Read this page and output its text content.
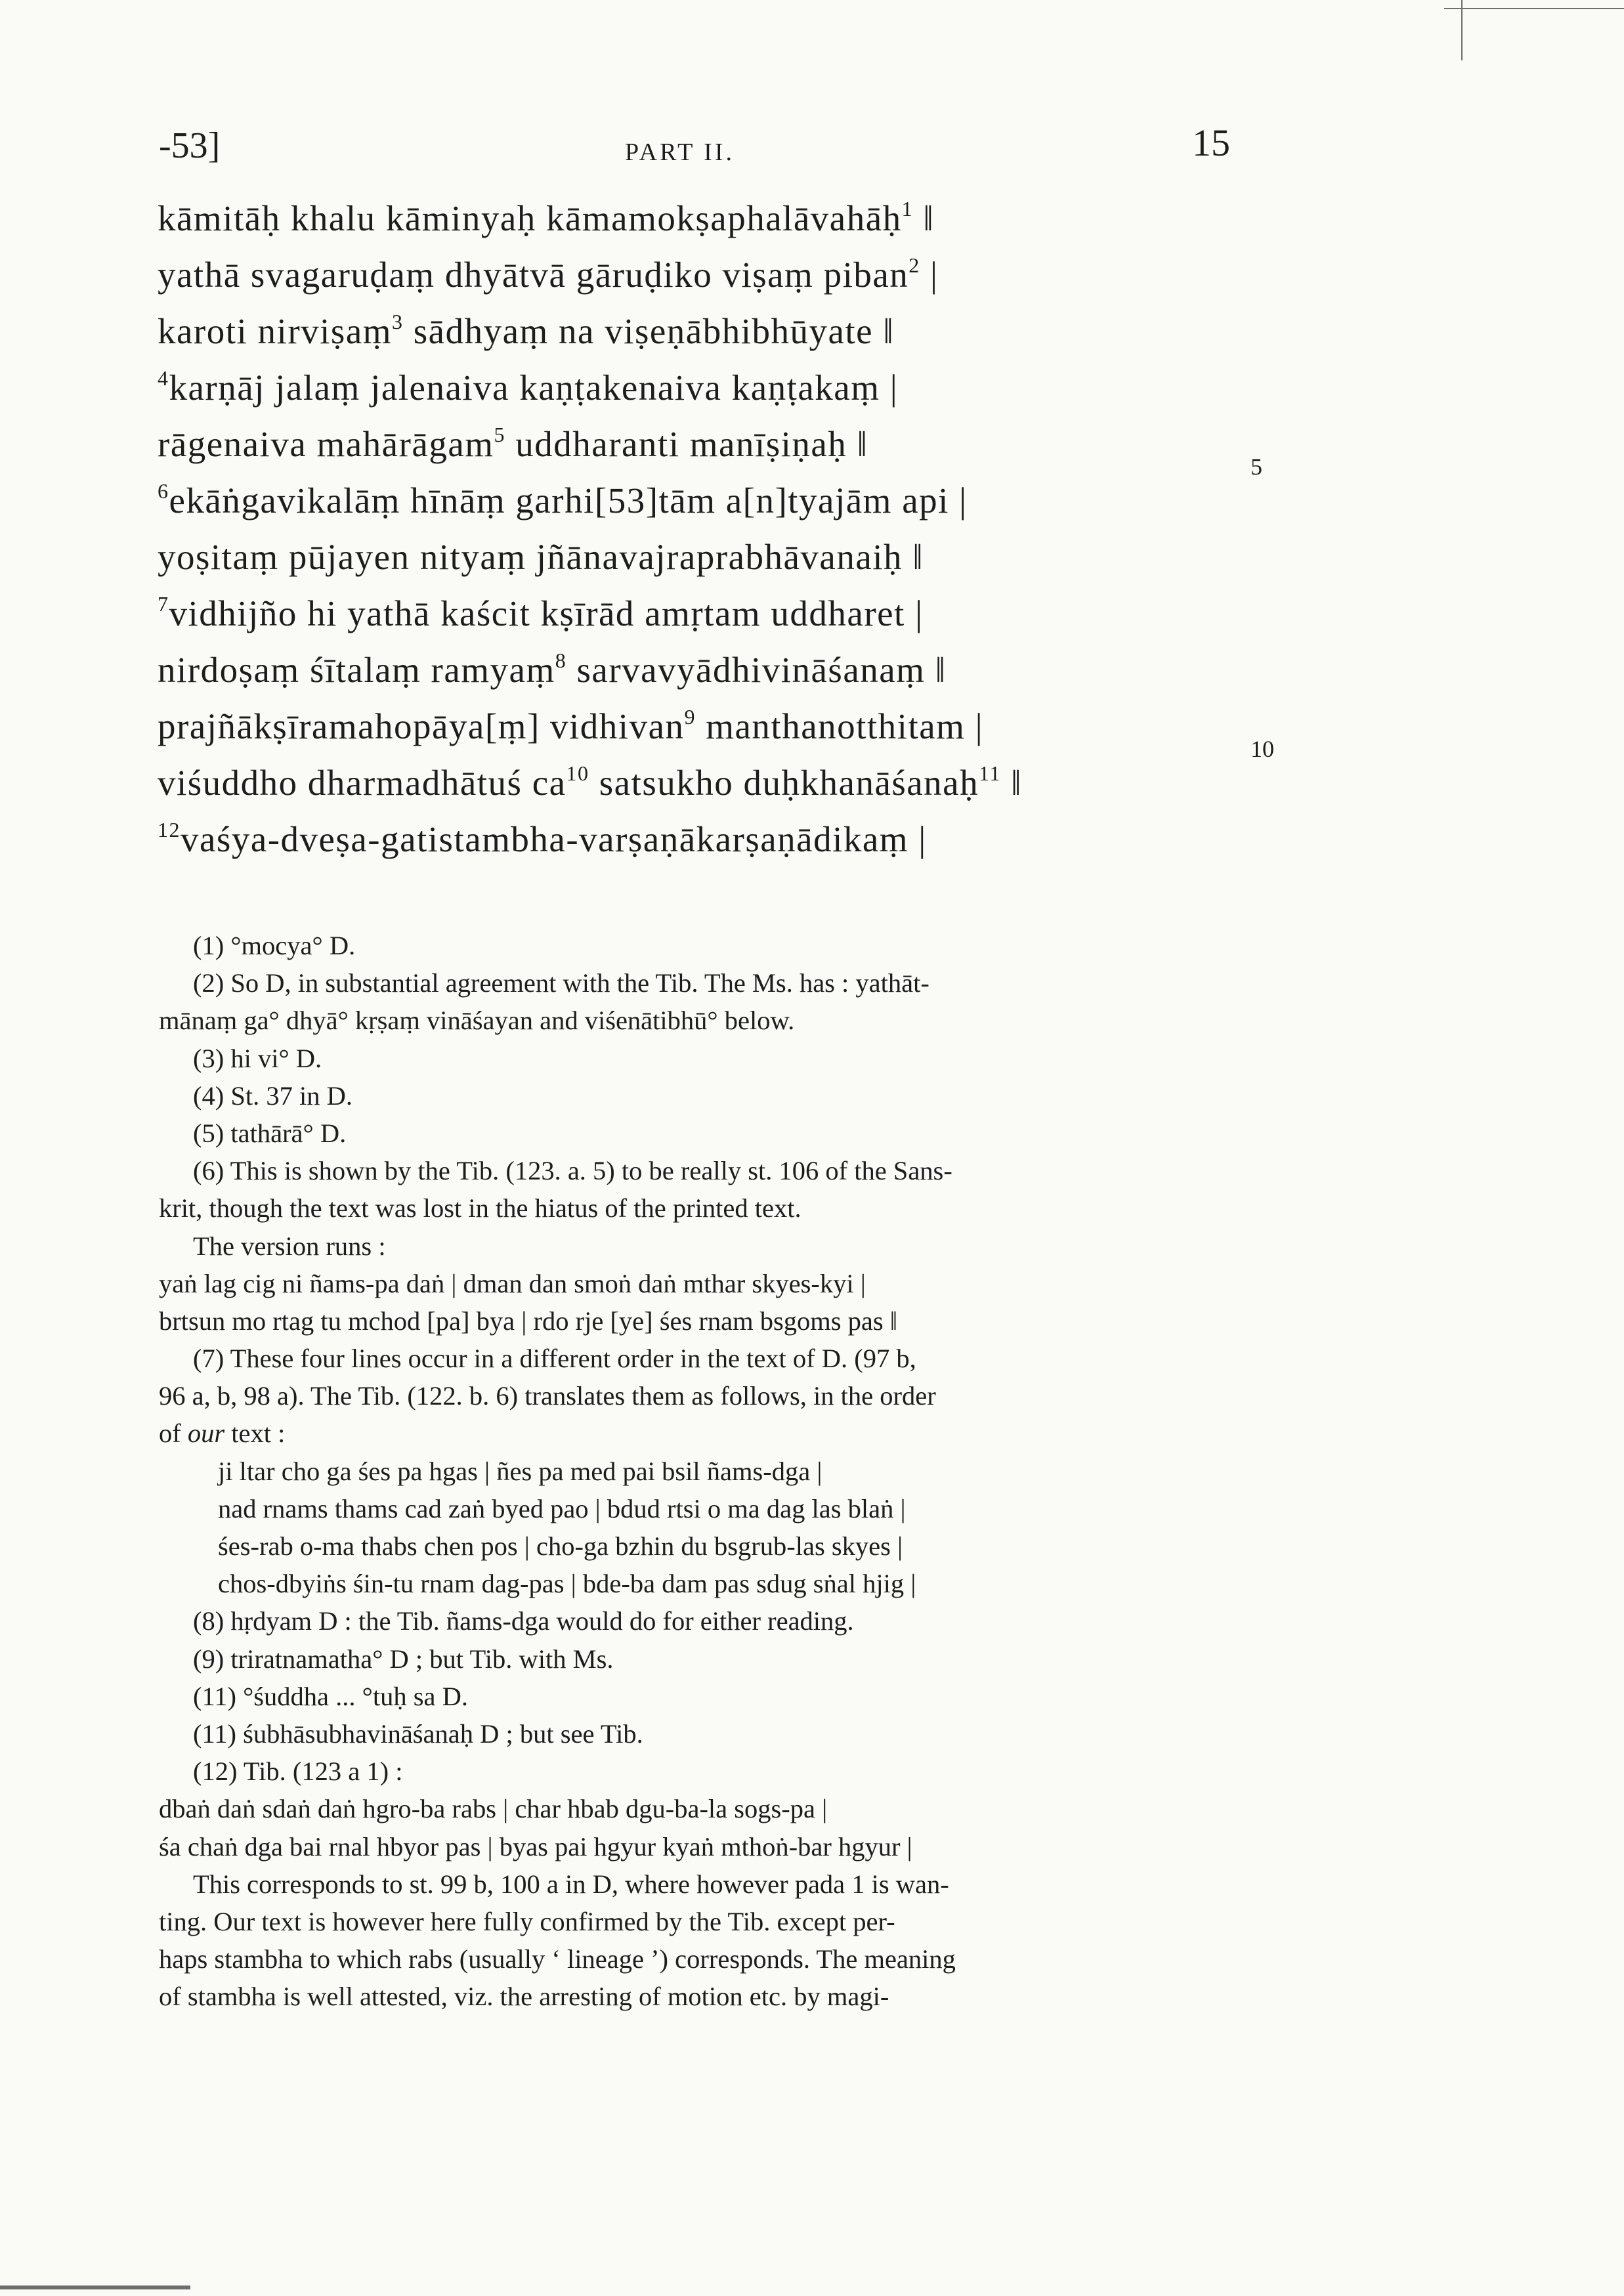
-53]	PART II.	15
kāmitāḥ khalu kāminyaḥ kāmamokṣaphalāvahāḥ$^1$ ‖
yathā svagaruḍaṃ dhyātvā gāruḍiko viṣaṃ piban$^2$ |
karoti nirviṣaṃ$^3$ sādhyaṃ na viṣeṇābhibhūyate ‖
$^4$karṇāj jalaṃ jalenaiva kaṇṭakenaiva kaṇṭakaṃ |
rāgenaiva mahārāgam$^5$ uddharanti manīṣiṇaḥ ‖
$^6$ekāṅgavikalāṃ hīnāṃ garhi[53]tām a[n]tyajām api |
yoṣitaṃ pūjayen nityaṃ jñānavajraprabhāvanaiḥ ‖
$^7$vidhijño hi yathā kaścit kṣīrād amṛtam uddharet |
nirdoṣaṃ śītalaṃ ramyaṃ$^8$ sarvavyādhivināśanaṃ ‖
prajñākṣīramahopāya[ṃ] vidhivan$^9$ manthanotthitam |
viśuddho dharmadhātuś $ca^{10}$ satsukho duḥkhanāśanaḥ$^{11}$ ‖
$^{12}$vaśya-dveṣa-gatistambha-varṣaṇākarṣaṇādikaṃ |
5
10
(1) °mocya° D.
(2) So D, in substantial agreement with the Tib. The Ms. has : yathāt-
mānaṃ ga° dhyā° kṛṣaṃ vināśayan and viśenātibhū° below.
(3) hi vi° D.
(4) St. 37 in D.
(5) tathārā° D.
(6) This is shown by the Tib. (123. a. 5) to be really st. 106 of the Sans-
krit, though the text was lost in the hiatus of the printed text.
The version runs :
yaṅ lag cig ni ñams-pa daṅ | dman dan smoṅ daṅ mthar skyes-kyi |
brtsun mo rtag tu mchod [pa] bya | rdo rje [ye] śes rnam bsgoms pas ‖
(7) These four lines occur in a different order in the text of D. (97 b,
96 a, b, 98 a). The Tib. (122. b. 6) translates them as follows, in the order
of our text :
ji ltar cho ga śes pa hgas | ñes pa med pai bsil ñams-dga |
nad rnams thams cad zaṅ byed pao | bdud rtsi o ma dag las blaṅ |
śes-rab o-ma thabs chen pos | cho-ga bzhin du bsgrub-las skyes |
chos-dbyiṅs śin-tu rnam dag-pas | bde-ba dam pas sdug sṅal hjig |
(8) hṛdyam D : the Tib. ñams-dga would do for either reading.
(9) triratnamatha° D ; but Tib. with Ms.
(11) °śuddha ... °tuḥ sa D.
(11) śubhāsubhavināśanaḥ D ; but see Tib.
(12) Tib. (123 a 1) :
dbaṅ daṅ sdaṅ daṅ hgro-ba rabs | char hbab dgu-ba-la sogs-pa |
śa chaṅ dga bai rnal hbyor pas | byas pai hgyur kyaṅ mthoṅ-bar hgyur |
This corresponds to st. 99 b, 100 a in D, where however pada 1 is wan-
ting. Our text is however here fully confirmed by the Tib. except per-
haps stambha to which rabs (usually ‘ lineage ’) corresponds. The meaning
of stambha is well attested, viz. the arresting of motion etc. by magi-
